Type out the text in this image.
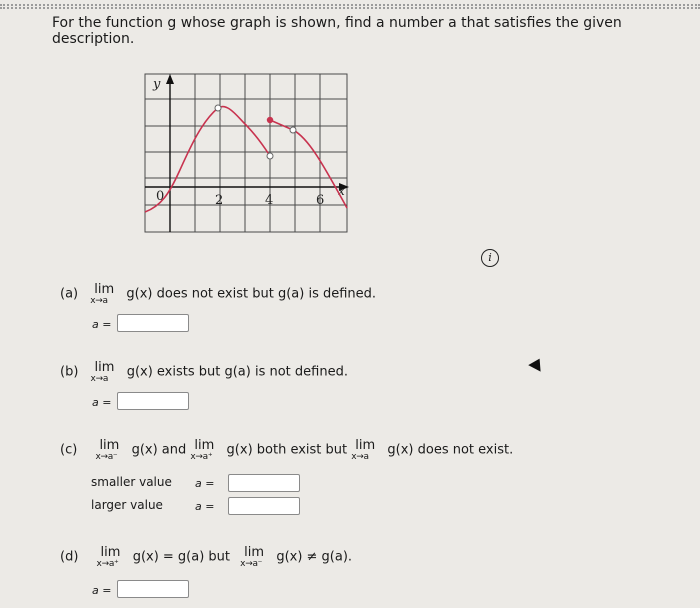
For the function g whose graph is shown, find a number a that satisfies the given description.
y
x
0	2	4	6
i
(a) lim
x→a g(x) does not exist but g(a) is defined.
a =
(b) lim
x→a g(x) exists but g(a) is not defined.
a =
(c) lim
x→a⁻ g(x) and lim
x→a⁺ g(x) both exist but lim
x→a g(x) does not exist.
smaller value a =
larger value	a =
(d) lim
x→a⁺ g(x) = g(a) but lim
x→a⁻ g(x) ≠ g(a).
a =
